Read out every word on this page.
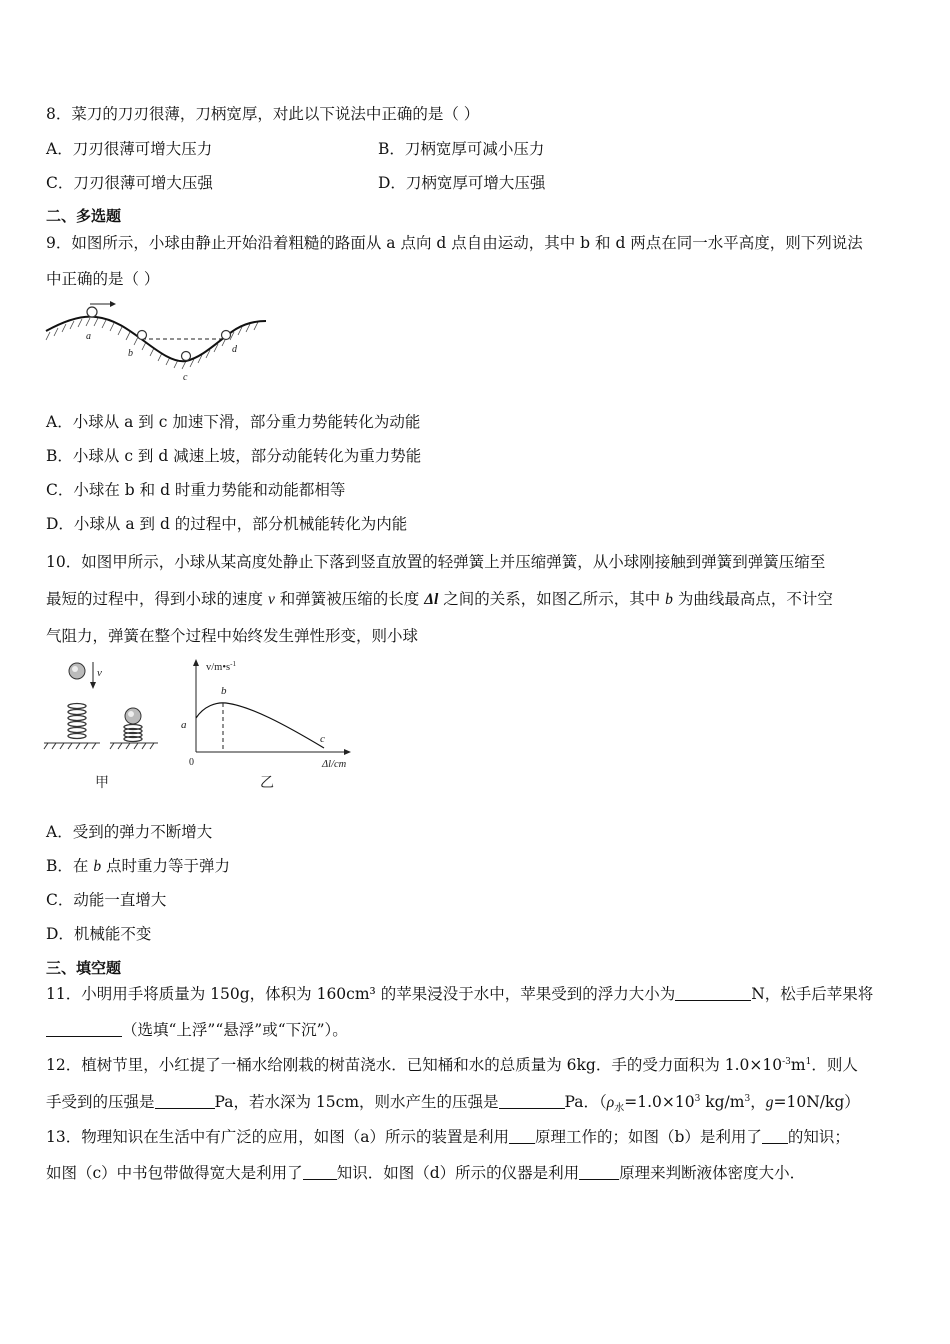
8．菜刀的刀刃很薄，刀柄宽厚，对此以下说法中正确的是（ ）
A．刀刃很薄可增大压力	B．刀柄宽厚可减小压力
C．刀刃很薄可增大压强	D．刀柄宽厚可增大压强
二、多选题
9．如图所示，小球由静止开始沿着粗糙的路面从 a 点向 d 点自由运动，其中 b 和 d 两点在同一水平高度，则下列说法
中正确的是（ ）
a
b
c
d
A．小球从 a 到 c 加速下滑，部分重力势能转化为动能
B．小球从 c 到 d 减速上坡，部分动能转化为重力势能
C．小球在 b 和 d 时重力势能和动能都相等
D．小球从 a 到 d 的过程中，部分机械能转化为内能
10．如图甲所示，小球从某高度处静止下落到竖直放置的轻弹簧上并压缩弹簧，从小球刚接触到弹簧到弹簧压缩至
最短的过程中，得到小球的速度 v 和弹簧被压缩的长度 Δl 之间的关系，如图乙所示，其中 b 为曲线最高点，不计空
气阻力，弹簧在整个过程中始终发生弹性形变，则小球
v
甲
$v/m•s^{-1}$
Δl/cm
0
a
b
c
乙
A．受到的弹力不断增大
B．在 b 点时重力等于弹力
C．动能一直增大
D．机械能不变
三、填空题
11．小明用手将质量为 150g，体积为 160cm³ 的苹果浸没于水中，苹果受到的浮力大小为	N，松手后苹果将
（选填“上浮”“悬浮”或“下沉”）。
12．植树节里，小红提了一桶水给刚栽的树苗浇水．已知桶和水的总质量为 6kg．手的受力面积为 $1.0\times 10^{-3}m^1$．则人
手受到的压强是	Pa，若水深为 15cm，则水产生的压强是	Pa．（$\rho_水=1.0\times 10^3$ $kg/m^3$，g=10N/kg）
13．物理知识在生活中有广泛的应用，如图（a）所示的装置是利用 原理工作的；如图（b）是利用了 的知识；
如图（c）中书包带做得宽大是利用了 知识．如图（d）所示的仪器是利用	原理来判断液体密度大小．
